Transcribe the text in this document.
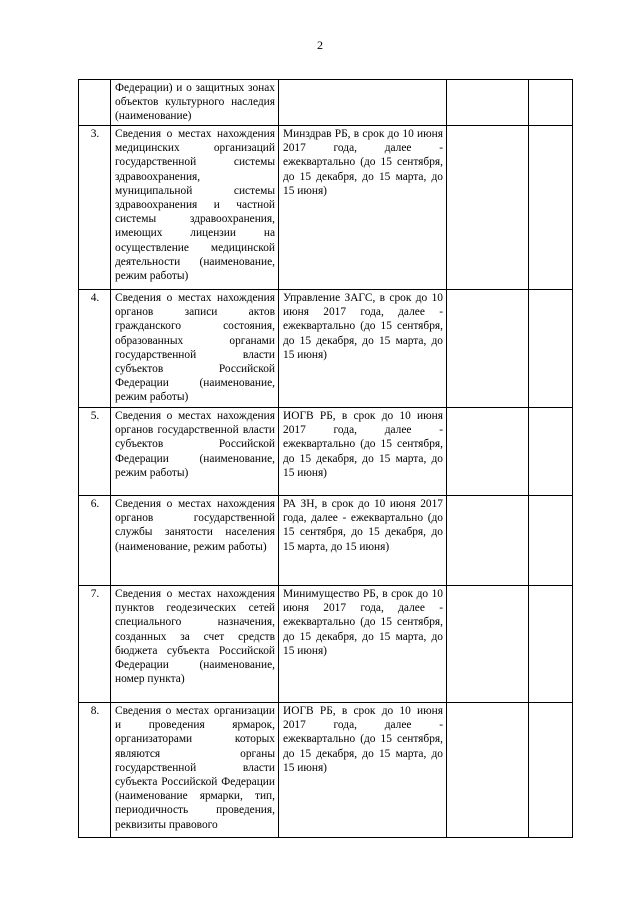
2

	Федерации) и о защитных зонах объектов культурного наследия (наименование)			

3.	Сведения о местах нахождения медицинских организаций государственной системы здравоохранения, муниципальной системы здравоохранения и частной системы здравоохранения, имеющих лицензии на осуществление медицинской деятельности (наименование, режим работы)	Минздрав РБ, в срок до 10 июня 2017 года, далее - ежеквартально (до 15 сентября, до 15 декабря, до 15 марта, до 15 июня)		

4.	Сведения о местах нахождения органов записи актов гражданского состояния, образованных органами государственной власти субъектов Российской Федерации (наименование, режим работы)	Управление ЗАГС, в срок до 10 июня 2017 года, далее - ежеквартально (до 15 сентября, до 15 декабря, до 15 марта, до 15 июня)		

5.	Сведения о местах нахождения органов государственной власти субъектов Российской Федерации (наименование, режим работы)	ИОГВ РБ, в срок до 10 июня 2017 года, далее - ежеквартально (до 15 сентября, до 15 декабря, до 15 марта, до 15 июня)		

6.	Сведения о местах нахождения органов государственной службы занятости населения (наименование, режим работы)	РА ЗН, в срок до 10 июня 2017 года, далее - ежеквартально (до 15 сентября, до 15 декабря, до 15 марта, до 15 июня)		

7.	Сведения о местах нахождения пунктов геодезических сетей специального назначения, созданных за счет средств бюджета субъекта Российской Федерации (наименование, номер пункта)	Минимущество РБ, в срок до 10 июня 2017 года, далее - ежеквартально (до 15 сентября, до 15 декабря, до 15 марта, до 15 июня)		

8.	Сведения о местах организации и проведения ярмарок, организаторами которых являются органы государственной власти субъекта Российской Федерации (наименование ярмарки, тип, периодичность проведения, реквизиты правового	ИОГВ РБ, в срок до 10 июня 2017 года, далее - ежеквартально (до 15 сентября, до 15 декабря, до 15 марта, до 15 июня)		
